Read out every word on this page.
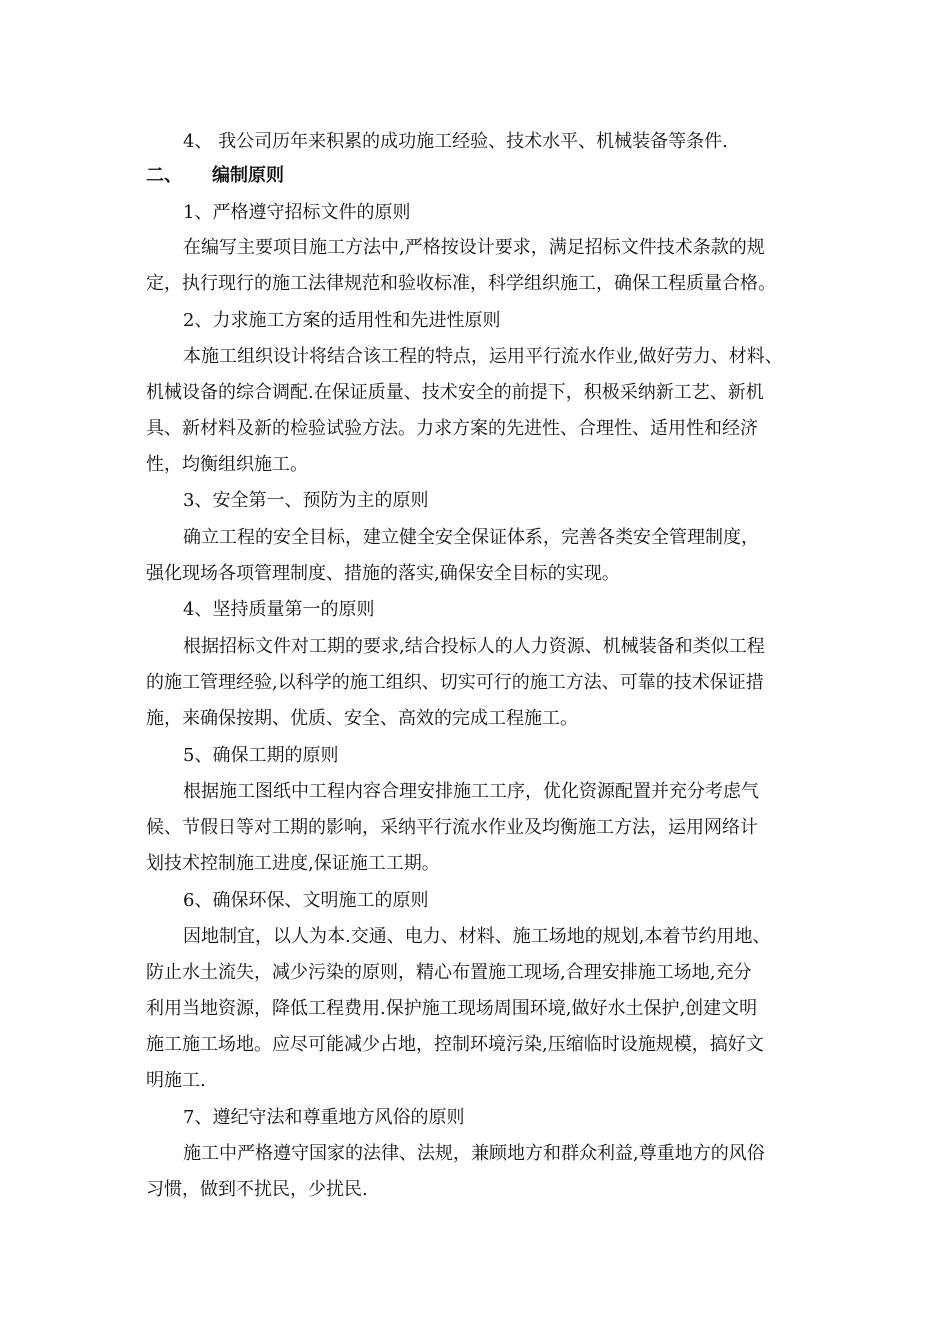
4、 我公司历年来积累的成功施工经验、技术水平、机械装备等条件.
二、 编制原则
1、严格遵守招标文件的原则
在编写主要项目施工方法中,严格按设计要求，满足招标文件技术条款的规
定，执行现行的施工法律规范和验收标准，科学组织施工，确保工程质量合格。
2、力求施工方案的适用性和先进性原则
本施工组织设计将结合该工程的特点，运用平行流水作业,做好劳力、材料、
机械设备的综合调配.在保证质量、技术安全的前提下，积极采纳新工艺、新机
具、新材料及新的检验试验方法。力求方案的先进性、合理性、适用性和经济
性，均衡组织施工。
3、安全第一、预防为主的原则
确立工程的安全目标，建立健全安全保证体系，完善各类安全管理制度，
强化现场各项管理制度、措施的落实,确保安全目标的实现。
4、坚持质量第一的原则
根据招标文件对工期的要求,结合投标人的人力资源、机械装备和类似工程
的施工管理经验,以科学的施工组织、切实可行的施工方法、可靠的技术保证措
施，来确保按期、优质、安全、高效的完成工程施工。
5、确保工期的原则
根据施工图纸中工程内容合理安排施工工序，优化资源配置并充分考虑气
候、节假日等对工期的影响，采纳平行流水作业及均衡施工方法，运用网络计
划技术控制施工进度,保证施工工期。
6、确保环保、文明施工的原则
因地制宜，以人为本.交通、电力、材料、施工场地的规划,本着节约用地、
防止水土流失，减少污染的原则，精心布置施工现场,合理安排施工场地,充分
利用当地资源，降低工程费用.保护施工现场周围环境,做好水土保护,创建文明
施工施工场地。应尽可能减少占地，控制环境污染,压缩临时设施规模，搞好文
明施工.
7、遵纪守法和尊重地方风俗的原则
施工中严格遵守国家的法律、法规，兼顾地方和群众利益,尊重地方的风俗
习惯，做到不扰民，少扰民.
